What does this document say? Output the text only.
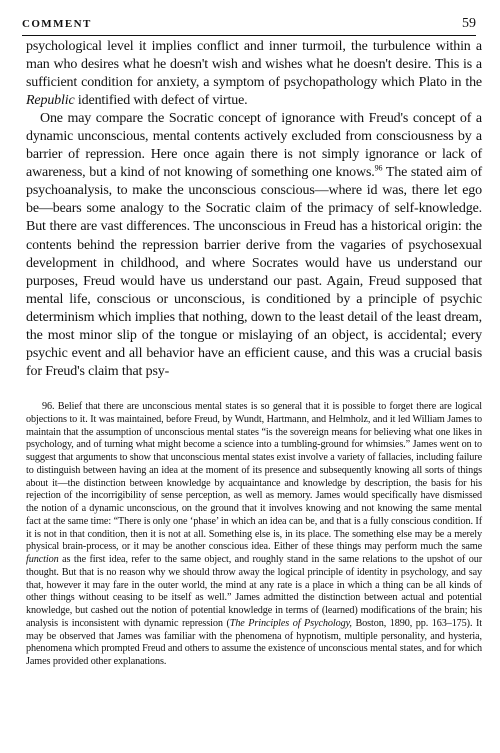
COMMENT	59

psychological level it implies conflict and inner turmoil, the turbulence within a man who desires what he doesn't wish and wishes what he doesn't desire. This is a sufficient condition for anxiety, a symptom of psychopathology which Plato in the Republic identified with defect of virtue.

One may compare the Socratic concept of ignorance with Freud's concept of a dynamic unconscious, mental contents actively excluded from consciousness by a barrier of repression. Here once again there is not simply ignorance or lack of awareness, but a kind of not knowing of something one knows.$^{96}$ The stated aim of psychoanalysis, to make the unconscious conscious—where id was, there let ego be—bears some analogy to the Socratic claim of the primacy of self-knowledge. But there are vast differences. The unconscious in Freud has a historical origin: the contents behind the repression barrier derive from the vagaries of psychosexual development in childhood, and where Socrates would have us understand our purposes, Freud would have us understand our past. Again, Freud supposed that mental life, conscious or unconscious, is conditioned by a principle of psychic determinism which implies that nothing, down to the least detail of the least dream, the most minor slip of the tongue or mislaying of an object, is accidental; every psychic event and all behavior have an efficient cause, and this was a crucial basis for Freud's claim that psy-

96. Belief that there are unconscious mental states is so general that it is possible to forget there are logical objections to it. It was maintained, before Freud, by Wundt, Hartmann, and Helmholz, and it led William James to maintain that the assumption of unconscious mental states “is the sovereign means for believing what one likes in psychology, and of turning what might become a science into a tumbling-ground for whimsies.” James went on to suggest that arguments to show that unconscious mental states exist involve a variety of fallacies, including failure to distinguish between having an idea at the moment of its presence and subsequently knowing all sorts of things about it—the distinction between knowledge by acquaintance and knowledge by description, the basis for his rejection of the incorrigibility of sense perception, as well as memory. James would specifically have dismissed the notion of a dynamic unconscious, on the ground that it involves knowing and not knowing the same mental fact at the same time: “There is only one ‘phase’ in which an idea can be, and that is a fully conscious condition. If it is not in that condition, then it is not at all. Something else is, in its place. The something else may be a merely physical brain-process, or it may be another conscious idea. Either of these things may perform much the same function as the first idea, refer to the same object, and roughly stand in the same relations to the upshot of our thought. But that is no reason why we should throw away the logical principle of identity in psychology, and say that, however it may fare in the outer world, the mind at any rate is a place in which a thing can be all kinds of other things without ceasing to be itself as well.” James admitted the distinction between actual and potential knowledge, but cashed out the notion of potential knowledge in terms of (learned) modifications of the brain; his analysis is inconsistent with dynamic repression (The Principles of Psychology, Boston, 1890, pp. 163–175). It may be observed that James was familiar with the phenomena of hypnotism, multiple personality, and hysteria, phenomena which prompted Freud and others to assume the existence of unconscious mental states, and for which James provided other explanations.
